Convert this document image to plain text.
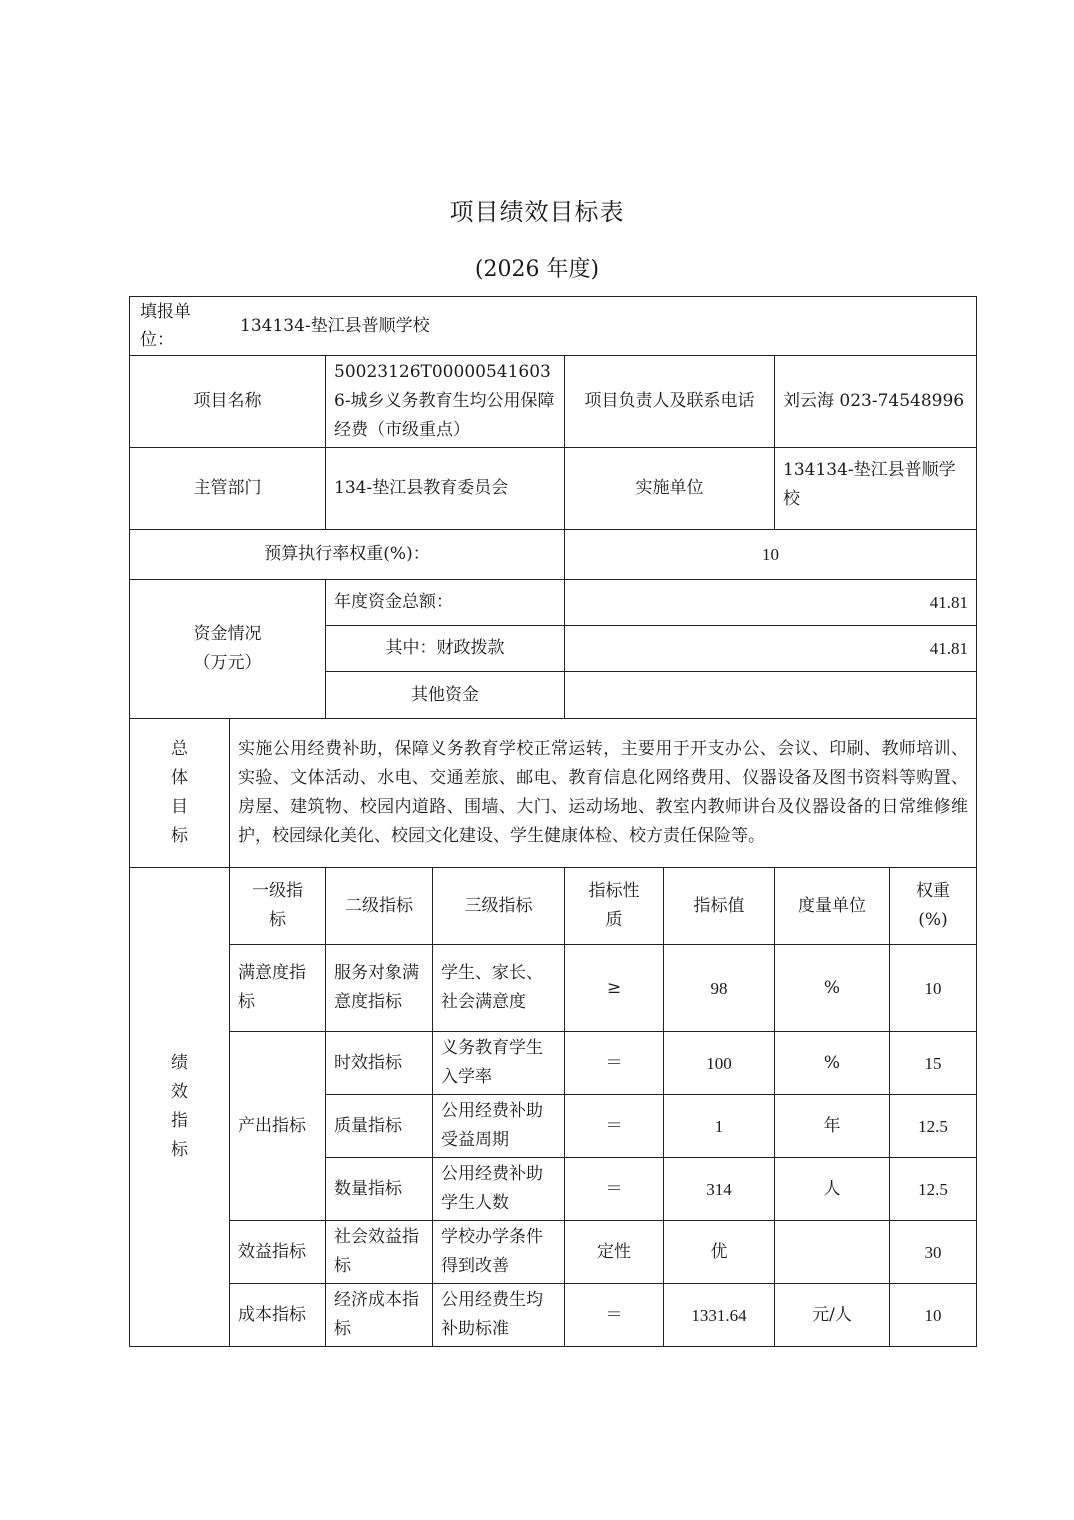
项目绩效目标表
(2026 年度)
填报单位：
134134-垫江县普顺学校							

项目名称		50023126T000005416036-城乡义务教育生均公用保障经费（市级重点）		项目负责人及联系电话		刘云海 023-74548996	
主管部门		134-垫江县教育委员会		实施单位		134134-垫江县普顺学校	
预算执行率权重(%)：				10			

资金情况
（万元）		年度资金总额：		41.81			
		其中：财政拨款		41.81			
		其他资金					

总
体
目
标	实施公用经费补助，保障义务教育学校正常运转，主要用于开支办公、会议、印刷、教师培训、实验、文体活动、水电、交通差旅、邮电、教育信息化网络费用、仪器设备及图书资料等购置、房屋、建筑物、校园内道路、围墙、大门、运动场地、教室内教师讲台及仪器设备的日常维修维护，校园绿化美化、校园文化建设、学生健康体检、校方责任保险等。						

绩
效
指
标	一级指标	二级指标	三级指标	指标性质	指标值	度量单位	权重(%)
	满意度指标	服务对象满意度指标	学生、家长、社会满意度	≥	98	%	10
	产出指标	时效指标	义务教育学生入学率	＝	100	%	15
		质量指标	公用经费补助受益周期	＝	1	年	12.5
		数量指标	公用经费补助学生人数	＝	314	人	12.5
	效益指标	社会效益指标	学校办学条件得到改善	定性	优		30
	成本指标	经济成本指标	公用经费生均补助标准	＝	1331.64	元/人	10
